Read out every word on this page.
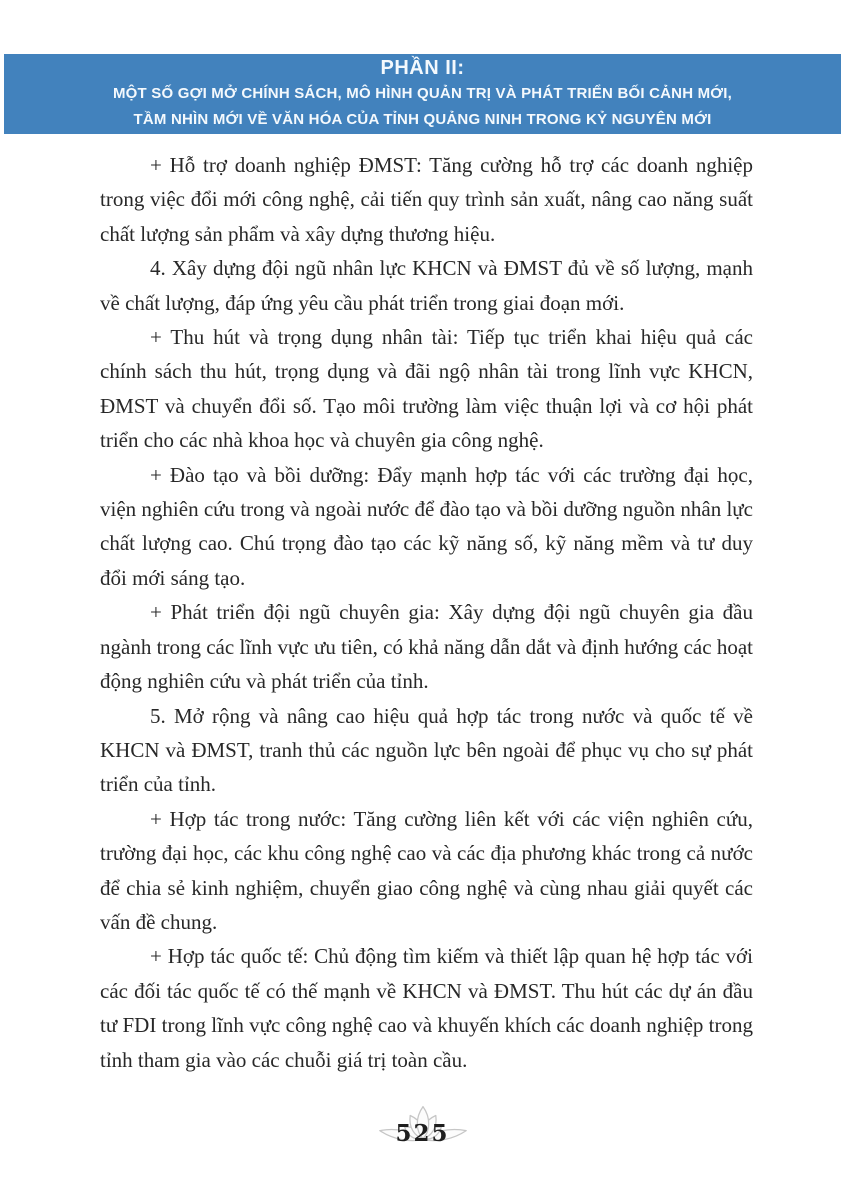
PHẦN II:
MỘT SỐ GỢI MỞ CHÍNH SÁCH, MÔ HÌNH QUẢN TRỊ VÀ PHÁT TRIỂN BỐI CẢNH MỚI,
TẦM NHÌN MỚI VỀ VĂN HÓA CỦA TỈNH QUẢNG NINH TRONG KỶ NGUYÊN MỚI

+ Hỗ trợ doanh nghiệp ĐMST: Tăng cường hỗ trợ các doanh nghiệp trong việc đổi mới công nghệ, cải tiến quy trình sản xuất, nâng cao năng suất chất lượng sản phẩm và xây dựng thương hiệu.

4. Xây dựng đội ngũ nhân lực KHCN và ĐMST đủ về số lượng, mạnh về chất lượng, đáp ứng yêu cầu phát triển trong giai đoạn mới.

+ Thu hút và trọng dụng nhân tài: Tiếp tục triển khai hiệu quả các chính sách thu hút, trọng dụng và đãi ngộ nhân tài trong lĩnh vực KHCN, ĐMST và chuyển đổi số. Tạo môi trường làm việc thuận lợi và cơ hội phát triển cho các nhà khoa học và chuyên gia công nghệ.

+ Đào tạo và bồi dưỡng: Đẩy mạnh hợp tác với các trường đại học, viện nghiên cứu trong và ngoài nước để đào tạo và bồi dưỡng nguồn nhân lực chất lượng cao. Chú trọng đào tạo các kỹ năng số, kỹ năng mềm và tư duy đổi mới sáng tạo.

+ Phát triển đội ngũ chuyên gia: Xây dựng đội ngũ chuyên gia đầu ngành trong các lĩnh vực ưu tiên, có khả năng dẫn dắt và định hướng các hoạt động nghiên cứu và phát triển của tỉnh.

5. Mở rộng và nâng cao hiệu quả hợp tác trong nước và quốc tế về KHCN và ĐMST, tranh thủ các nguồn lực bên ngoài để phục vụ cho sự phát triển của tỉnh.

+ Hợp tác trong nước: Tăng cường liên kết với các viện nghiên cứu, trường đại học, các khu công nghệ cao và các địa phương khác trong cả nước để chia sẻ kinh nghiệm, chuyển giao công nghệ và cùng nhau giải quyết các vấn đề chung.

+ Hợp tác quốc tế: Chủ động tìm kiếm và thiết lập quan hệ hợp tác với các đối tác quốc tế có thế mạnh về KHCN và ĐMST. Thu hút các dự án đầu tư FDI trong lĩnh vực công nghệ cao và khuyến khích các doanh nghiệp trong tỉnh tham gia vào các chuỗi giá trị toàn cầu.

525
